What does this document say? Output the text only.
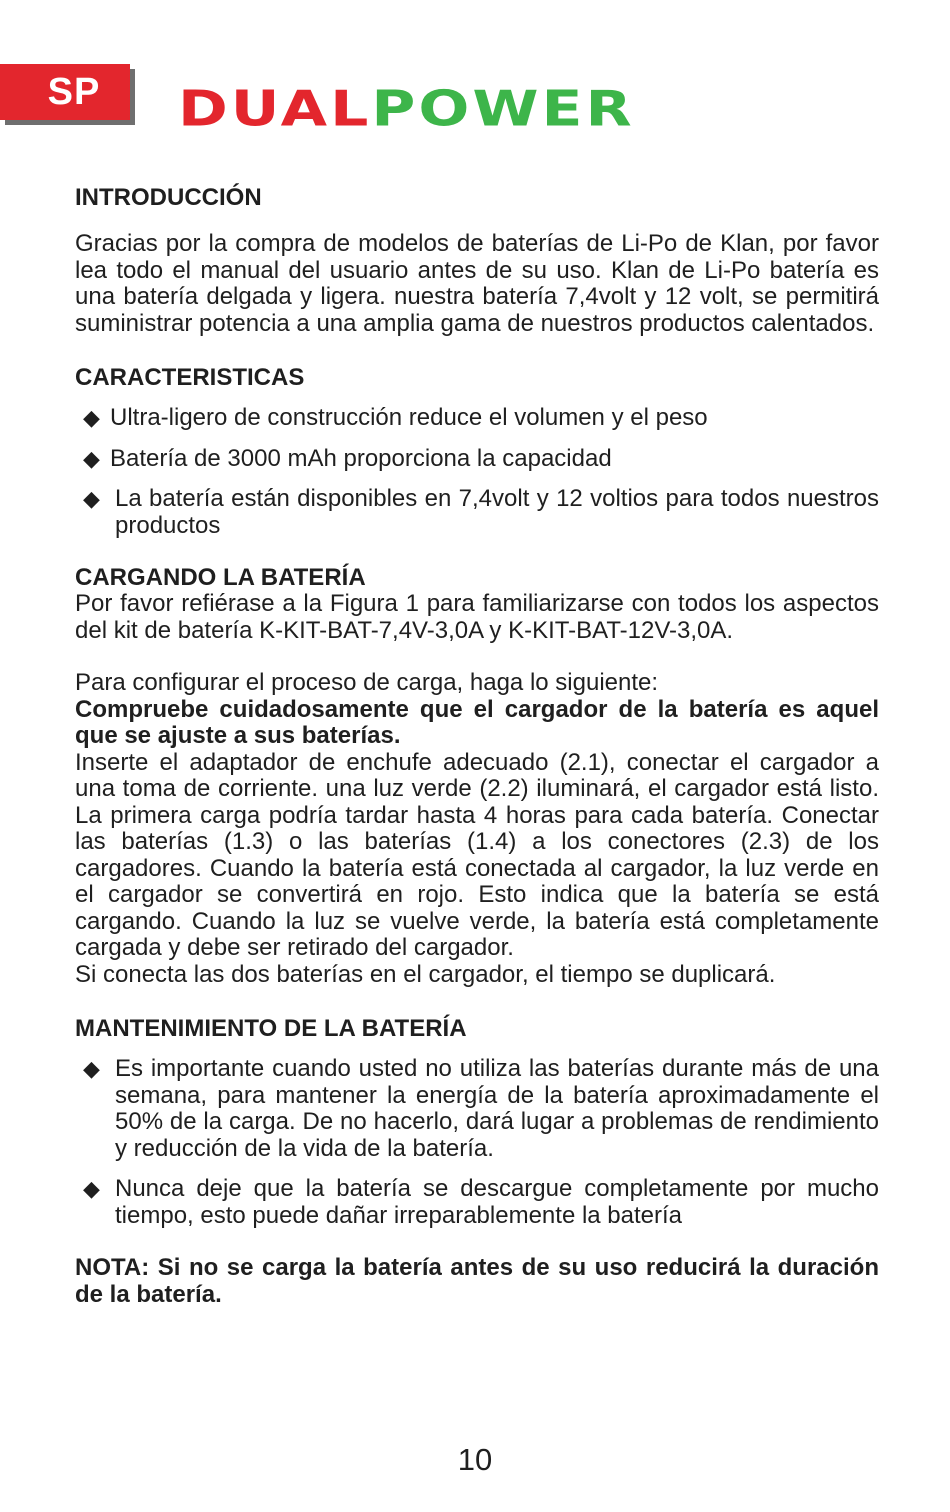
SP	DUAL POWER
INTRODUCCIÓN

Gracias por la compra de modelos de baterías de Li-Po de Klan, por favor lea todo el manual del usuario antes de su uso. Klan de Li-Po batería es una batería delgada y ligera. nuestra batería 7,4volt y 12 volt, se permitirá suministrar potencia a una amplia gama de nuestros productos calentados.

CARACTERISTICAS
◆ Ultra-ligero de construcción reduce el volumen y el peso
◆ Batería de 3000 mAh proporciona la capacidad
◆ La batería están disponibles en 7,4volt y 12 voltios para todos nuestros productos
CARGANDO LA BATERÍA

Por favor refiérase a la Figura 1 para familiarizarse con todos los aspectos del kit de batería K-KIT-BAT-7,4V-3,0A y K-KIT-BAT-12V-3,0A.

Para configurar el proceso de carga, haga lo siguiente:

Compruebe cuidadosamente que el cargador de la batería es aquel que se ajuste a sus baterías.

Inserte el adaptador de enchufe adecuado (2.1), conectar el cargador a una toma de corriente. una luz verde (2.2) iluminará, el cargador está listo. La primera carga podría tardar hasta 4 horas para cada batería. Conectar las baterías (1.3) o las baterías (1.4) a los conectores (2.3) de los cargadores. Cuando la batería está conectada al cargador, la luz verde en el cargador se convertirá en rojo. Esto indica que la batería se está cargando. Cuando la luz se vuelve verde, la batería está completamente cargada y debe ser retirado del cargador.

Si conecta las dos baterías en el cargador, el tiempo se duplicará.

MANTENIMIENTO DE LA BATERÍA
◆ Es importante cuando usted no utiliza las baterías durante más de una semana, para mantener la energía de la batería aproximadamente el 50% de la carga. De no hacerlo, dará lugar a problemas de rendimiento y reducción de la vida de la batería.
◆ Nunca deje que la batería se descargue completamente por mucho tiempo, esto puede dañar irreparablemente la batería

NOTA: Si no se carga la batería antes de su uso reducirá la duración de la batería.

10
